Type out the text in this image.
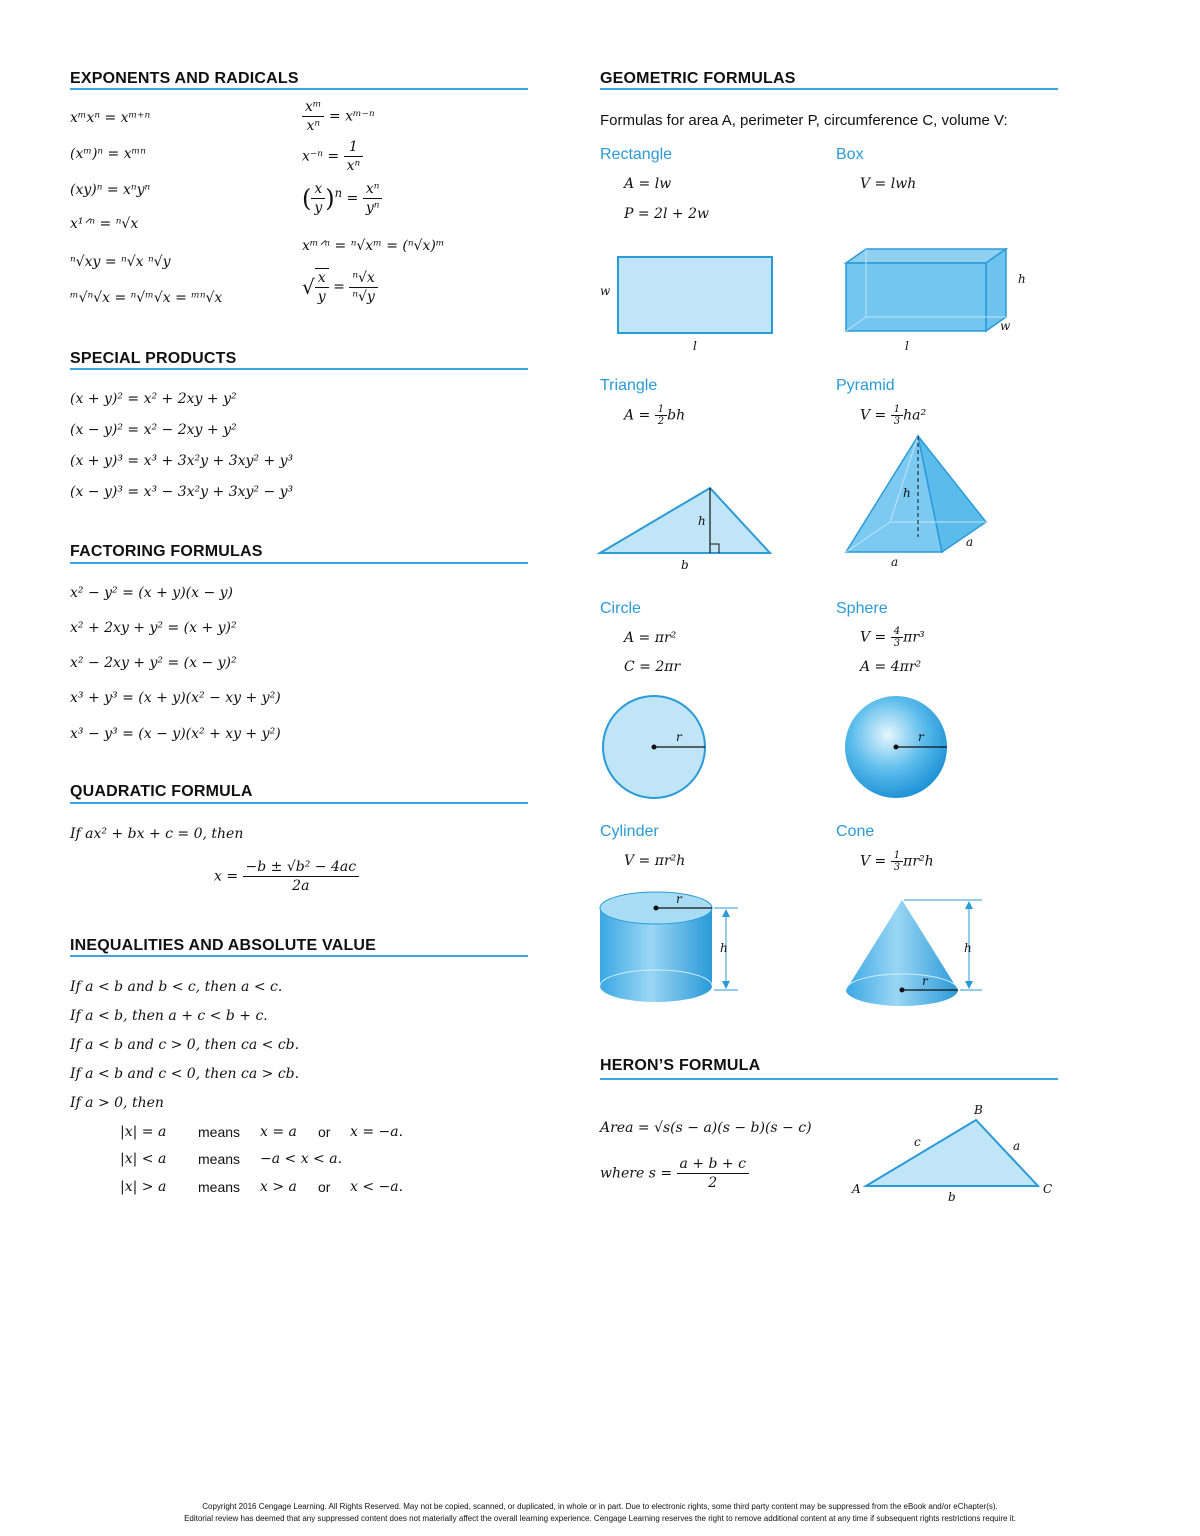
EXPONENTS AND RADICALS
xᵐxⁿ = xᵐ⁺ⁿ
(xᵐ)ⁿ = xᵐⁿ
(xy)ⁿ = xⁿyⁿ
x¹ᐟⁿ = ⁿ√x
ⁿ√xy = ⁿ√x ⁿ√y
ᵐ√ⁿ√x = ⁿ√ᵐ√x = ᵐⁿ√x
$\frac{\text{xᵐ}}{\text{xⁿ}}$ = xᵐ⁻ⁿ
$x^{-n} = \frac{1}{\text{xⁿ}}$
( $\frac{x}{y} )^n = \frac{\text{xⁿ}}{\text{yⁿ}}$
xᵐᐟⁿ = ⁿ√xᵐ = (ⁿ√x)ᵐ
√ $\frac{x}{y} = \frac{\text{ⁿ√x}}{\text{ⁿ√y}}$
SPECIAL PRODUCTS
(x + y)² = x² + 2xy + y²
(x − y)² = x² − 2xy + y²
(x + y)³ = x³ + 3x²y + 3xy² + y³
(x − y)³ = x³ − 3x²y + 3xy² − y³
FACTORING FORMULAS
x² − y² = (x + y)(x − y)
x² + 2xy + y² = (x + y)²
x² − 2xy + y² = (x − y)²
x³ + y³ = (x + y)(x² − xy + y²)
x³ − y³ = (x − y)(x² + xy + y²)
QUADRATIC FORMULA
If ax² + bx + c = 0, then
$x = \frac{\text{−b ± √b² − 4ac}}{2a}$
INEQUALITIES AND ABSOLUTE VALUE
If a < b and b < c, then a < c.
If a < b, then a + c < b + c.
If a < b and c > 0, then ca < cb.
If a < b and c < 0, then ca > cb.
If a > 0, then
|x| = a means x = a or x = −a.
|x| < a means −a < x < a.
|x| > a means x > a or x < −a.
GEOMETRIC FORMULAS
Formulas for area A, perimeter P, circumference C, volume V:
Rectangle
A = lw
P = 2l + 2w
w
l
Box
V = lwh
h
w
l
Triangle
$A = \frac{1}{2}$ bh
h
b
Pyramid
$V = \frac{1}{3} ha^2$
h
a
a
Circle
A = πr²
C = 2πr
r
Sphere
$V = \frac{4}{3} \pi r^3$
A = 4πr²
r
Cylinder
V = πr²h
r
h
Cone
$V = \frac{1}{3} \pi r^2h$
r
h
HERON’S FORMULA
Area = √s(s − a)(s − b)(s − c)
where $s = \frac{a + b + c}{2}$
B
A	C
c	a
b
Copyright 2016 Cengage Learning. All Rights Reserved. May not be copied, scanned, or duplicated, in whole or in part. Due to electronic rights, some third party content may be suppressed from the eBook and/or eChapter(s).
Editorial review has deemed that any suppressed content does not materially affect the overall learning experience. Cengage Learning reserves the right to remove additional content at any time if subsequent rights restrictions require it.
